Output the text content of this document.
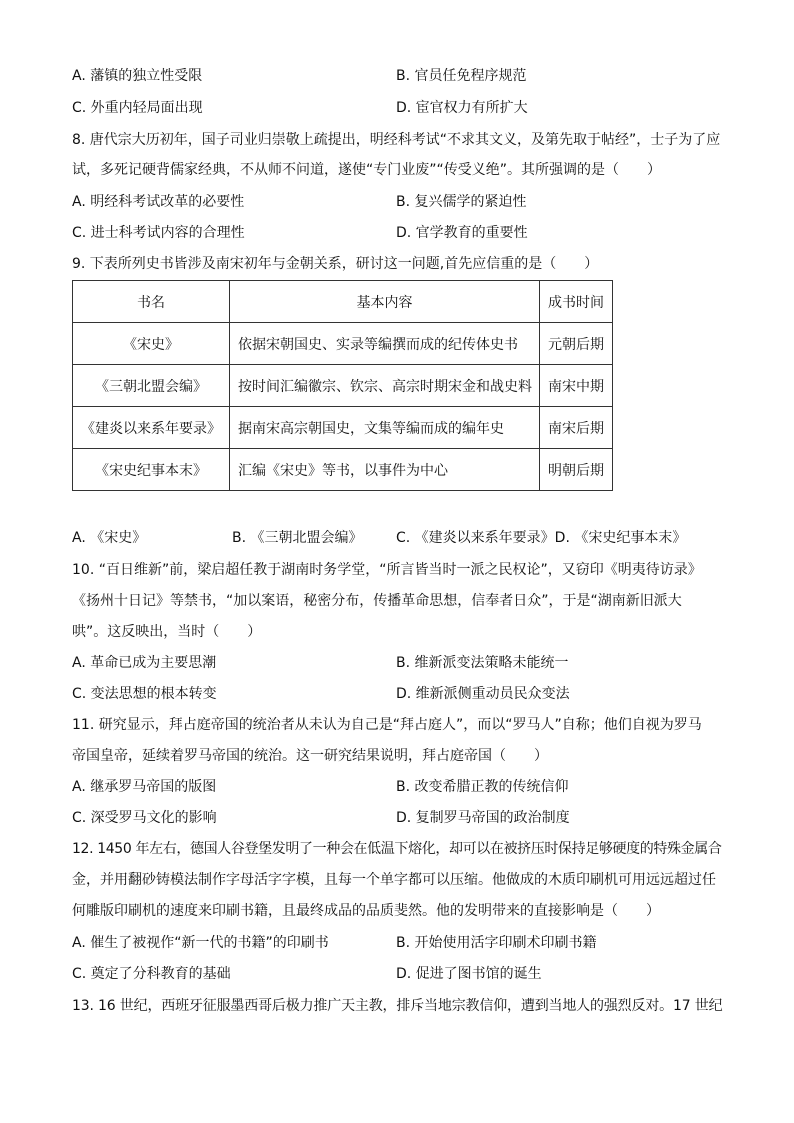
A. 藩镇的独立性受限	B. 官员任免程序规范
C. 外重内轻局面出现	D. 宦官权力有所扩大
8. 唐代宗大历初年，国子司业归崇敬上疏提出，明经科考试“不求其文义，及第先取于帖经”，士子为了应
试，多死记硬背儒家经典，不从师不问道，遂使“专门业废”“传受义绝”。其所强调的是（　　）
A. 明经科考试改革的必要性	B. 复兴儒学的紧迫性
C. 进士科考试内容的合理性	D. 官学教育的重要性
9. 下表所列史书皆涉及南宋初年与金朝关系，研讨这一问题,首先应信重的是（　　）
书名	基本内容	成书时间
《宋史》	依据宋朝国史、实录等编撰而成的纪传体史书	元朝后期
《三朝北盟会编》	按时间汇编徽宗、钦宗、高宗时期宋金和战史料	南宋中期
《建炎以来系年要录》	据南宋高宗朝国史，文集等编而成的编年史	南宋后期
《宋史纪事本末》	汇编《宋史》等书，以事件为中心	明朝后期
A. 《宋史》	B. 《三朝北盟会编》 C. 《建炎以来系年要录》D. 《宋史纪事本末》
10. “百日维新”前，梁启超任教于湖南时务学堂，“所言皆当时一派之民权论”，又窃印《明夷待访录》
《扬州十日记》等禁书，“加以案语，秘密分布，传播革命思想，信奉者日众”，于是“湖南新旧派大
哄”。这反映出，当时（　　）
A. 革命已成为主要思潮	B. 维新派变法策略未能统一
C. 变法思想的根本转变	D. 维新派侧重动员民众变法
11. 研究显示，拜占庭帝国的统治者从未认为自己是“拜占庭人”，而以“罗马人”自称；他们自视为罗马
帝国皇帝，延续着罗马帝国的统治。这一研究结果说明，拜占庭帝国（　　）
A. 继承罗马帝国的版图	B. 改变希腊正教的传统信仰
C. 深受罗马文化的影响	D. 复制罗马帝国的政治制度
12. 1450 年左右，德国人谷登堡发明了一种会在低温下熔化，却可以在被挤压时保持足够硬度的特殊金属合
金，并用翻砂铸模法制作字母活字字模，且每一个单字都可以压缩。他做成的木质印刷机可用远远超过任
何雕版印刷机的速度来印刷书籍，且最终成品的品质斐然。他的发明带来的直接影响是（　　）
A. 催生了被视作“新一代的书籍”的印刷书	B. 开始使用活字印刷术印刷书籍
C. 奠定了分科教育的基础	D. 促进了图书馆的诞生
13. 16 世纪，西班牙征服墨西哥后极力推广天主教，排斥当地宗教信仰，遭到当地人的强烈反对。17 世纪
